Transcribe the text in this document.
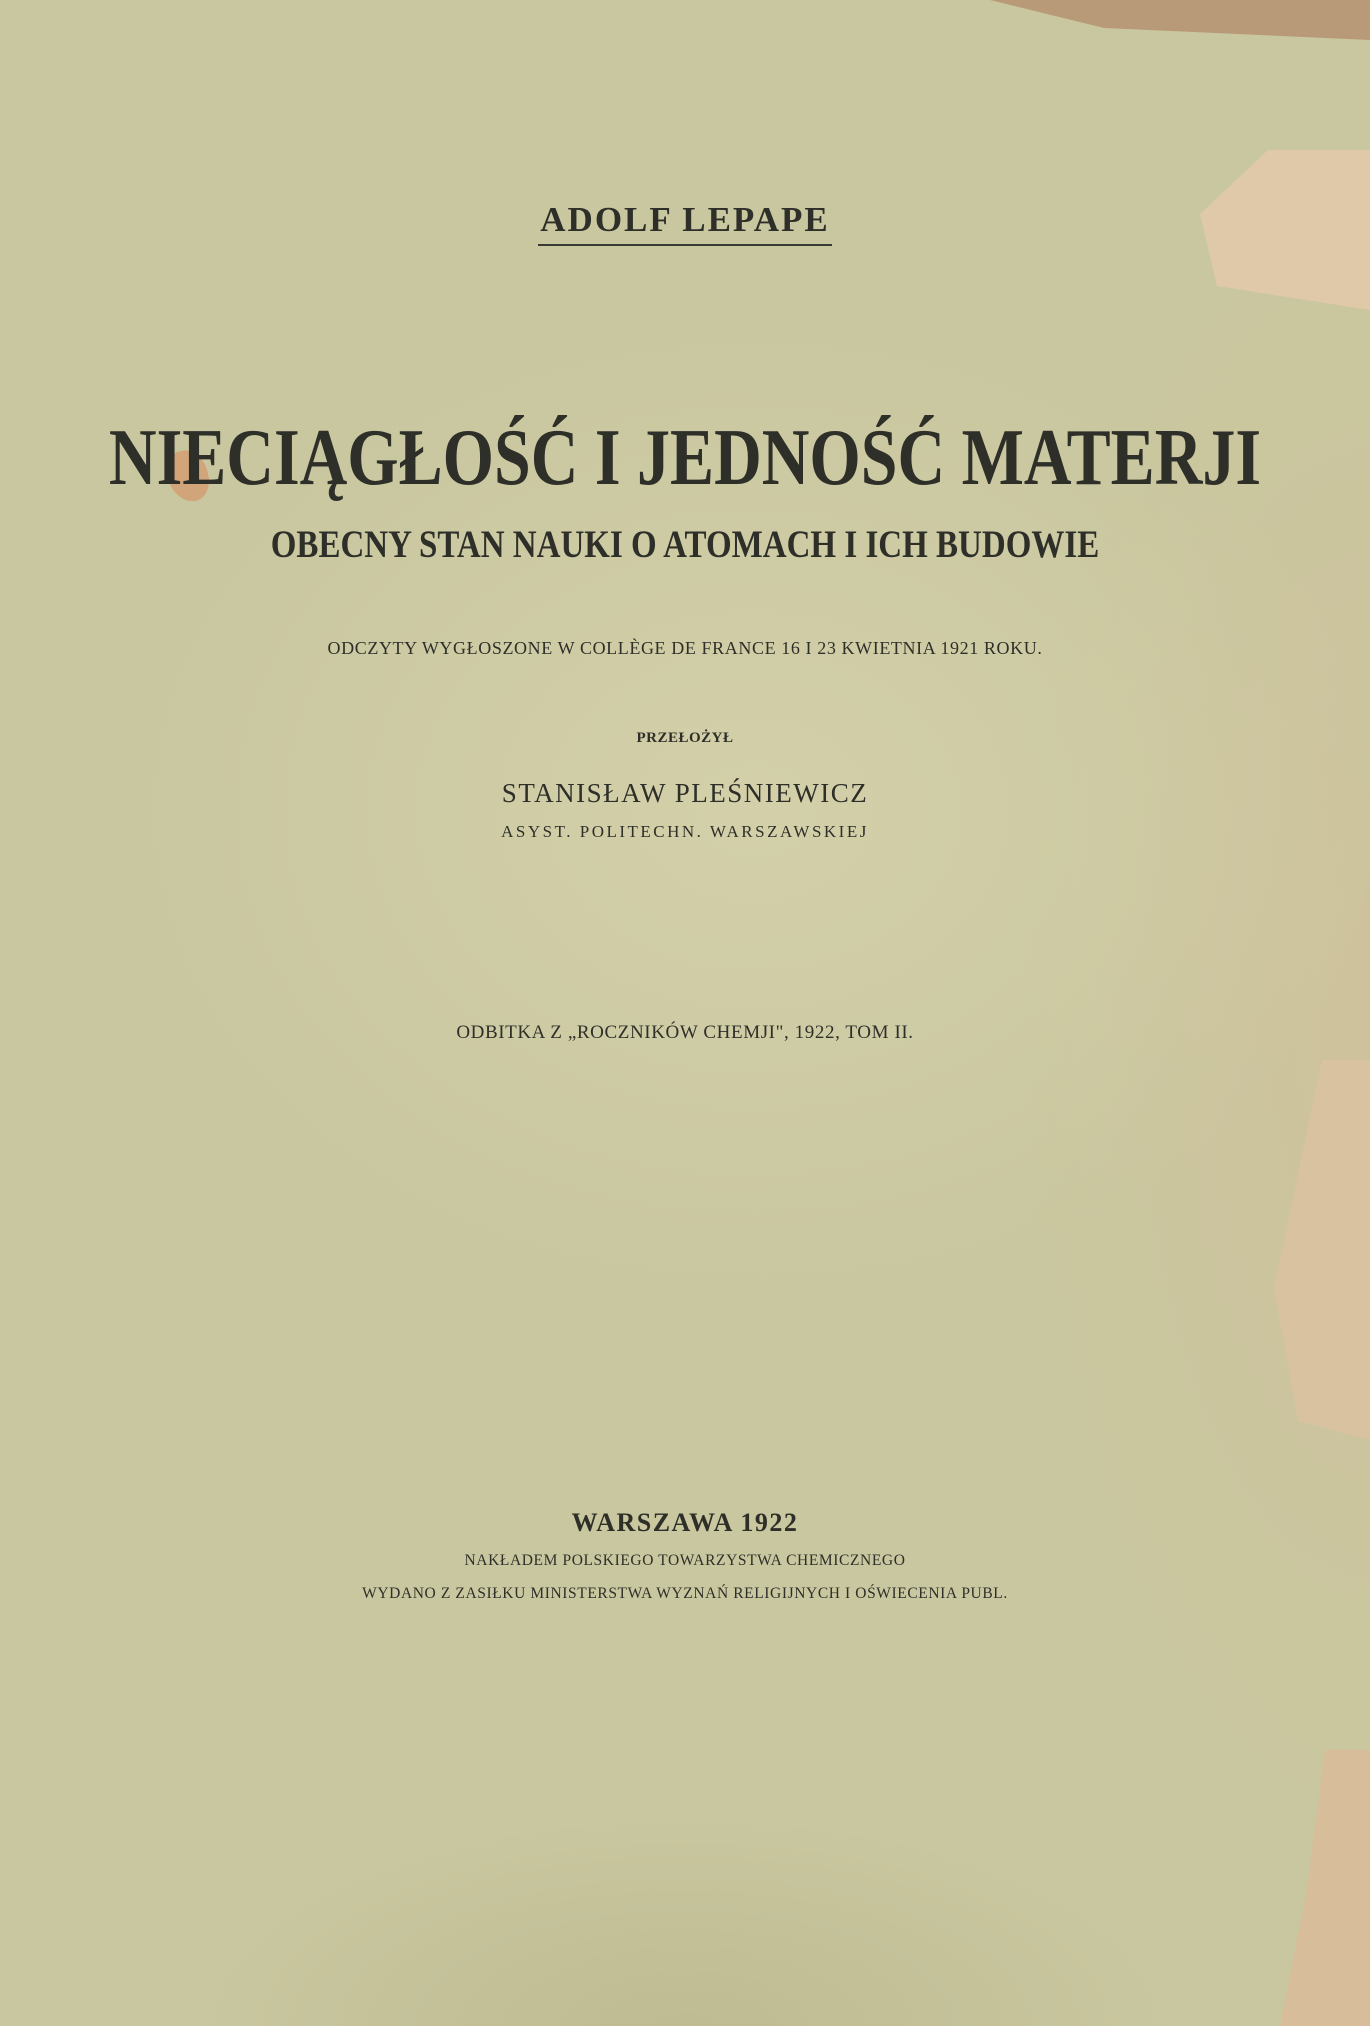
ADOLF LEPAPE
NIECIĄGŁOŚĆ I JEDNOŚĆ MATERJI
OBECNY STAN NAUKI O ATOMACH I ICH BUDOWIE
ODCZYTY WYGŁOSZONE W COLLÈGE DE FRANCE 16 I 23 KWIETNIA 1921 ROKU.
PRZEŁOŻYŁ
STANISŁAW PLEŚNIEWICZ
ASYST. POLITECHN. WARSZAWSKIEJ
ODBITKA Z „ROCZNIKÓW CHEMJI", 1922, TOM II.
WARSZAWA 1922
NAKŁADEM POLSKIEGO TOWARZYSTWA CHEMICZNEGO
WYDANO Z ZASIŁKU MINISTERSTWA WYZNAŃ RELIGIJNYCH I OŚWIECENIA PUBL.
